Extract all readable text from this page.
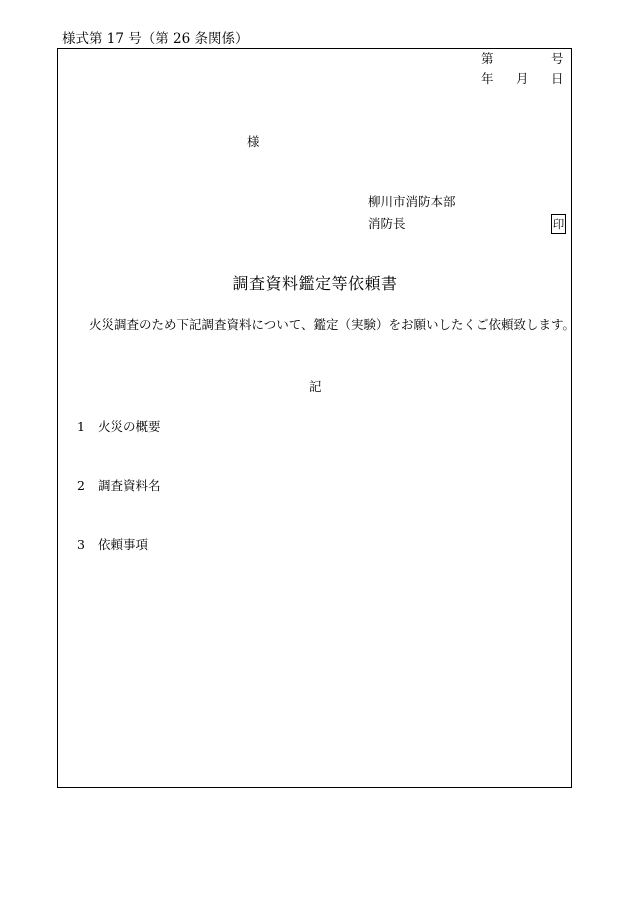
様式第 17 号（第 26 条関係）
第	号
年 月 日
様
柳川市消防本部
消防長	印
調査資料鑑定等依頼書
火災調査のため下記調査資料について、鑑定（実験）をお願いしたくご依頼致します。
記
1 火災の概要
2 調査資料名
3 依頼事項
